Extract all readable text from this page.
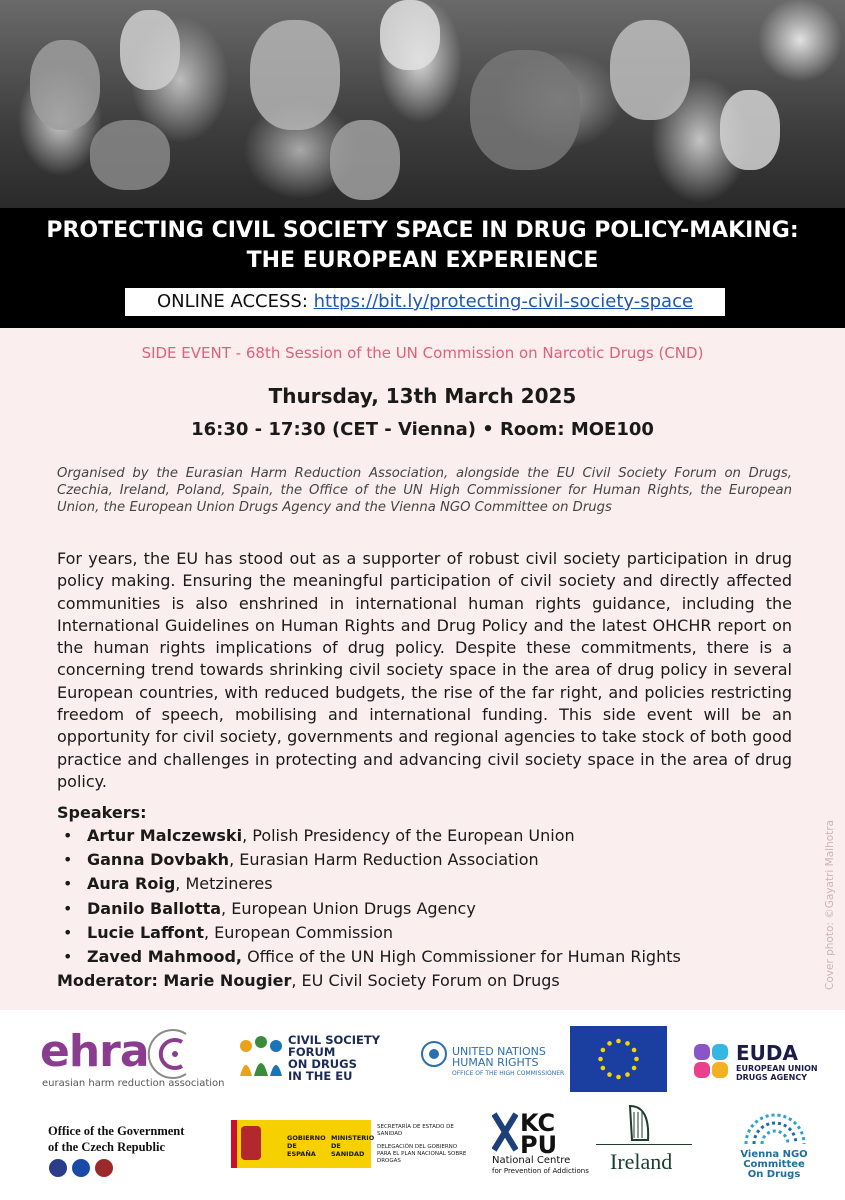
PROTECTING CIVIL SOCIETY SPACE IN DRUG POLICY-MAKING: THE EUROPEAN EXPERIENCE
ONLINE ACCESS: https://bit.ly/protecting-civil-society-space
SIDE EVENT - 68th Session of the UN Commission on Narcotic Drugs (CND)
Thursday, 13th March 2025
16:30 - 17:30 (CET - Vienna) • Room: MOE100
Organised by the Eurasian Harm Reduction Association, alongside the EU Civil Society Forum on Drugs, Czechia, Ireland, Poland, Spain, the Office of the UN High Commissioner for Human Rights, the European Union, the European Union Drugs Agency and the Vienna NGO Committee on Drugs
For years, the EU has stood out as a supporter of robust civil society participation in drug policy making. Ensuring the meaningful participation of civil society and directly affected communities is also enshrined in international human rights guidance, including the International Guidelines on Human Rights and Drug Policy and the latest OHCHR report on the human rights implications of drug policy. Despite these commitments, there is a concerning trend towards shrinking civil society space in the area of drug policy in several European countries, with reduced budgets, the rise of the far right, and policies restricting freedom of speech, mobilising and international funding. This side event will be an opportunity for civil society, governments and regional agencies to take stock of both good practice and challenges in protecting and advancing civil society space in the area of drug policy.
Speakers:
• Artur Malczewski, Polish Presidency of the European Union
• Ganna Dovbakh, Eurasian Harm Reduction Association
• Aura Roig, Metzineres
• Danilo Ballotta, European Union Drugs Agency
• Lucie Laffont, European Commission
• Zaved Mahmood, Office of the UN High Commissioner for Human Rights
Moderator: Marie Nougier, EU Civil Society Forum on Drugs	Cover photo: ©Gayatri Malhotra
ehra
eurasian harm reduction association
CIVIL SOCIETY
FORUM
ON DRUGS
IN THE EU
UNITED NATIONS
HUMAN RIGHTS
OFFICE OF THE HIGH COMMISSIONER
EUDA
EUROPEAN UNION
DRUGS AGENCY
Office of the Government
of the Czech Republic
GOBIERNO DE ESPAÑA
MINISTERIO DE SANIDAD
SECRETARÍA DE ESTADO DE SANIDAD
DELEGACIÓN DEL GOBIERNO PARA EL PLAN NACIONAL SOBRE DROGAS
KC
PU
National Centre
for Prevention of Addictions Ireland	Vienna NGO
Committee
On Drugs
